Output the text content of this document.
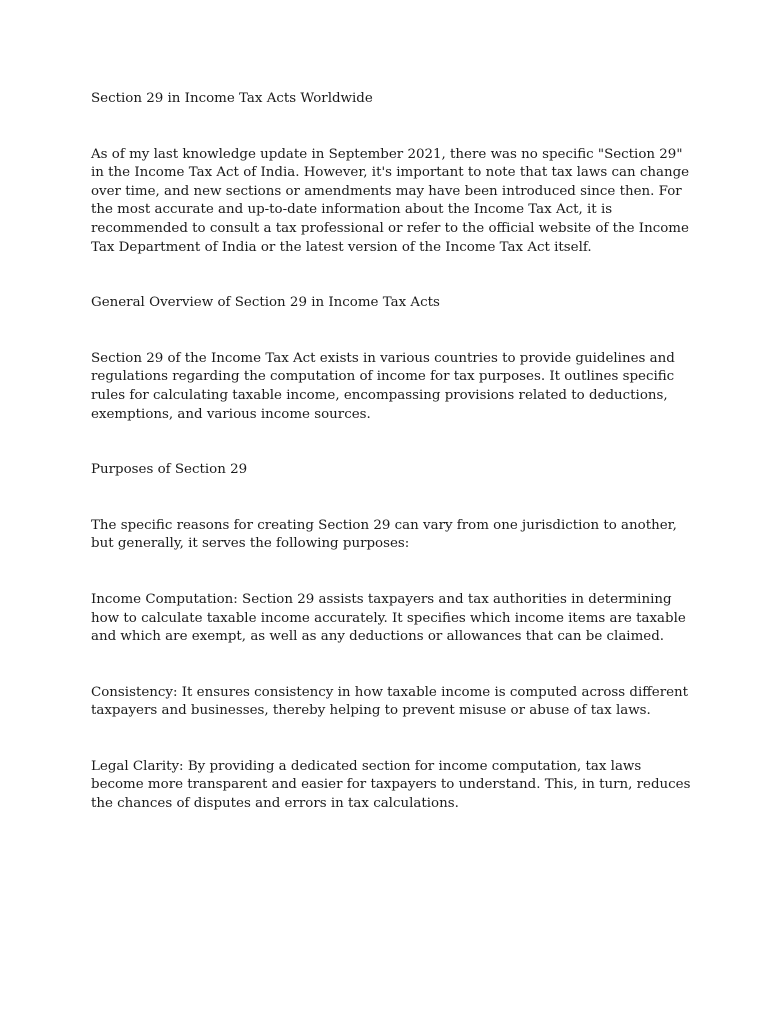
Section 29 in Income Tax Acts Worldwide

As of my last knowledge update in September 2021, there was no specific "Section 29" in the Income Tax Act of India. However, it's important to note that tax laws can change over time, and new sections or amendments may have been introduced since then. For the most accurate and up-to-date information about the Income Tax Act, it is recommended to consult a tax professional or refer to the official website of the Income Tax Department of India or the latest version of the Income Tax Act itself.

General Overview of Section 29 in Income Tax Acts

Section 29 of the Income Tax Act exists in various countries to provide guidelines and regulations regarding the computation of income for tax purposes. It outlines specific rules for calculating taxable income, encompassing provisions related to deductions, exemptions, and various income sources.

Purposes of Section 29

The specific reasons for creating Section 29 can vary from one jurisdiction to another, but generally, it serves the following purposes:

Income Computation: Section 29 assists taxpayers and tax authorities in determining how to calculate taxable income accurately. It specifies which income items are taxable and which are exempt, as well as any deductions or allowances that can be claimed.

Consistency: It ensures consistency in how taxable income is computed across different taxpayers and businesses, thereby helping to prevent misuse or abuse of tax laws.

Legal Clarity: By providing a dedicated section for income computation, tax laws become more transparent and easier for taxpayers to understand. This, in turn, reduces the chances of disputes and errors in tax calculations.
